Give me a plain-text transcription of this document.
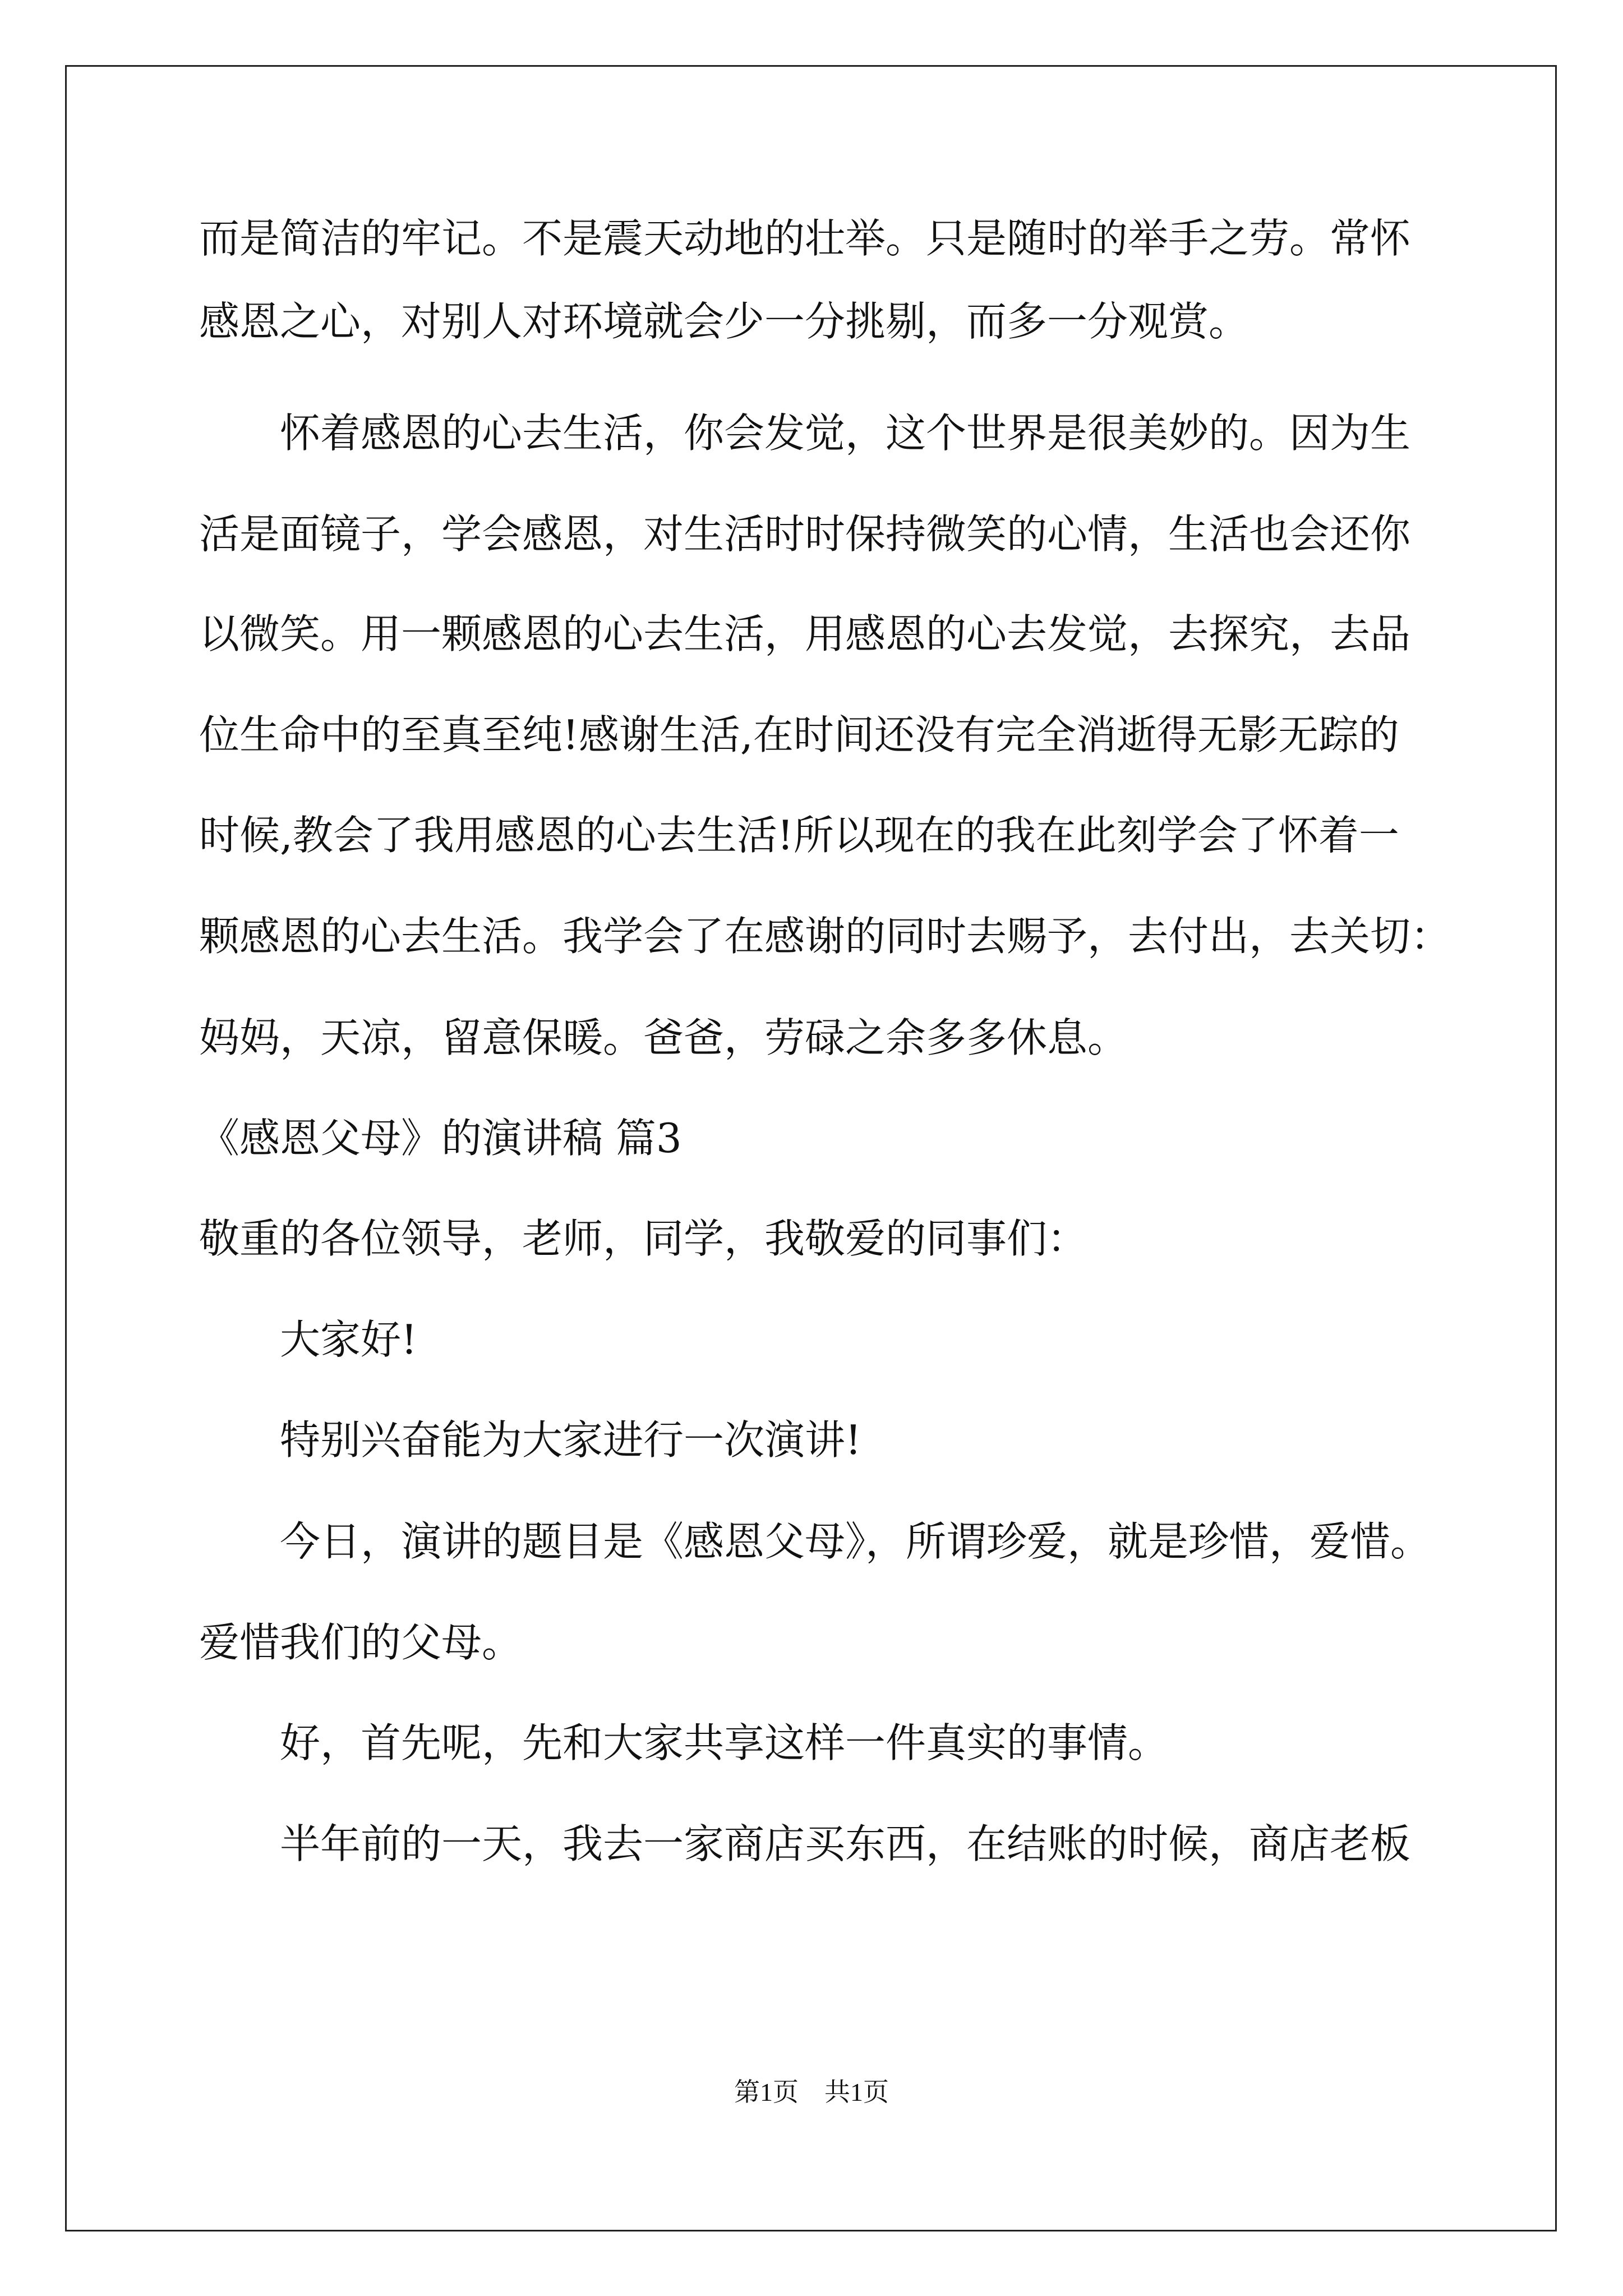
而是简洁的牢记。不是震天动地的壮举。只是随时的举手之劳。常怀
感恩之心，对别人对环境就会少一分挑剔，而多一分观赏。
怀着感恩的心去生活，你会发觉，这个世界是很美妙的。因为生
活是面镜子，学会感恩，对生活时时保持微笑的心情，生活也会还你
以微笑。用一颗感恩的心去生活，用感恩的心去发觉，去探究，去品
位生命中的至真至纯!感谢生活,在时间还没有完全消逝得无影无踪的
时候,教会了我用感恩的心去生活!所以现在的我在此刻学会了怀着一
颗感恩的心去生活。我学会了在感谢的同时去赐予，去付出，去关切：
妈妈，天凉，留意保暖。爸爸，劳碌之余多多休息。
《感恩父母》的演讲稿 篇3
敬重的各位领导，老师，同学，我敬爱的同事们：
大家好!
特别兴奋能为大家进行一次演讲!
今日，演讲的题目是《感恩父母》，所谓珍爱，就是珍惜，爱惜。
爱惜我们的父母。
好，首先呢，先和大家共享这样一件真实的事情。
半年前的一天，我去一家商店买东西，在结账的时候，商店老板
第1页　共1页
